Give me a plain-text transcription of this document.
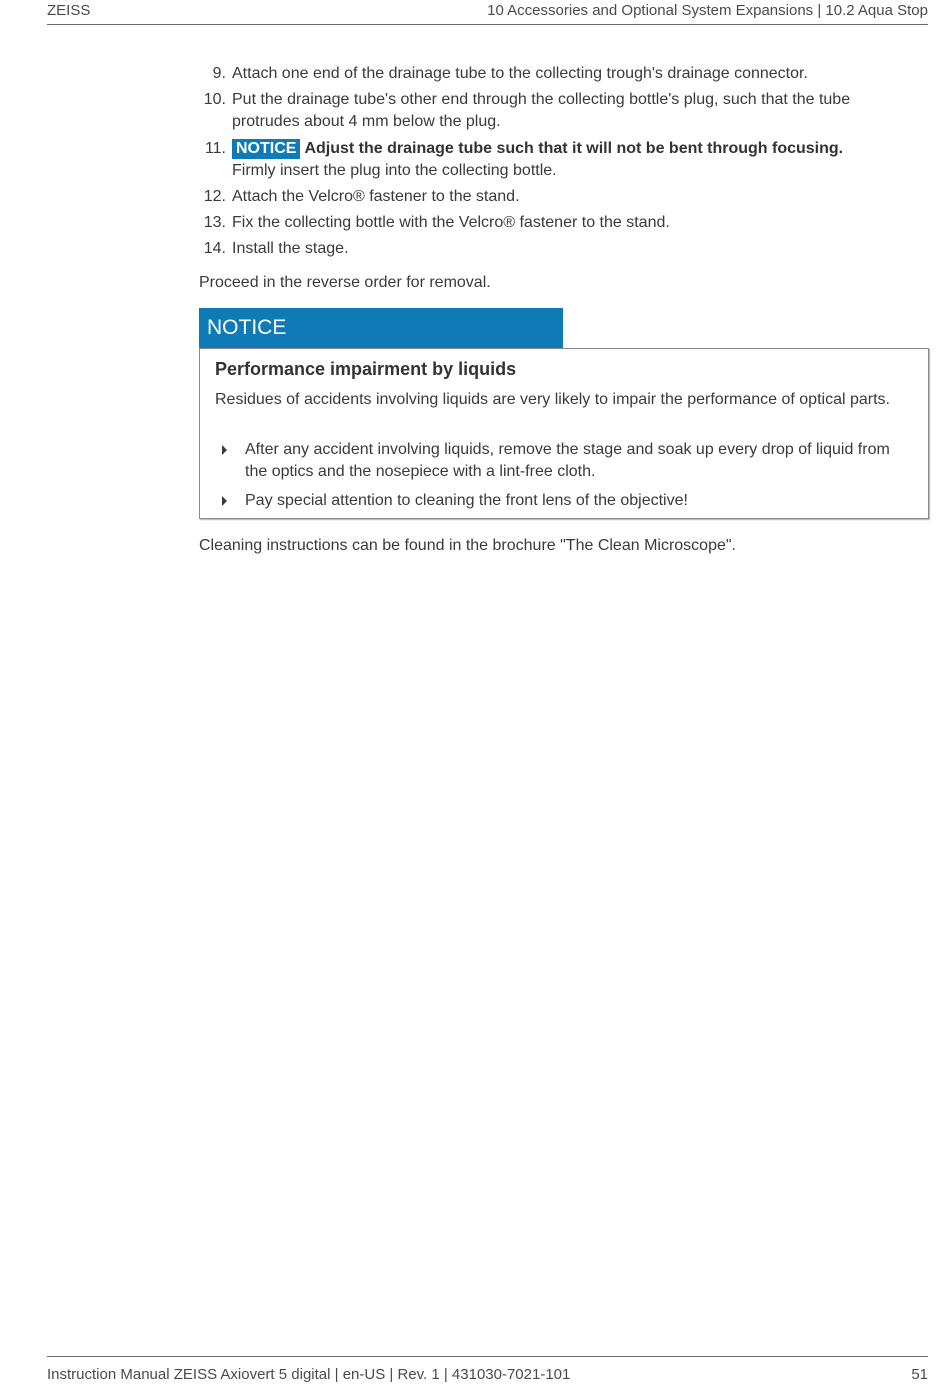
ZEISS	10 Accessories and Optional System Expansions | 10.2 Aqua Stop
9. Attach one end of the drainage tube to the collecting trough's drainage connector.
10. Put the drainage tube's other end through the collecting bottle's plug, such that the tube protrudes about 4 mm below the plug.
11. NOTICE Adjust the drainage tube such that it will not be bent through focusing.
Firmly insert the plug into the collecting bottle.
12. Attach the Velcro® fastener to the stand.
13. Fix the collecting bottle with the Velcro® fastener to the stand.
14. Install the stage.
Proceed in the reverse order for removal.
NOTICE
Performance impairment by liquids
Residues of accidents involving liquids are very likely to impair the performance of optical parts.
After any accident involving liquids, remove the stage and soak up every drop of liquid from the optics and the nosepiece with a lint-free cloth.
Pay special attention to cleaning the front lens of the objective!
Cleaning instructions can be found in the brochure "The Clean Microscope".
Instruction Manual ZEISS Axiovert 5 digital | en-US | Rev. 1 | 431030-7021-101	51
